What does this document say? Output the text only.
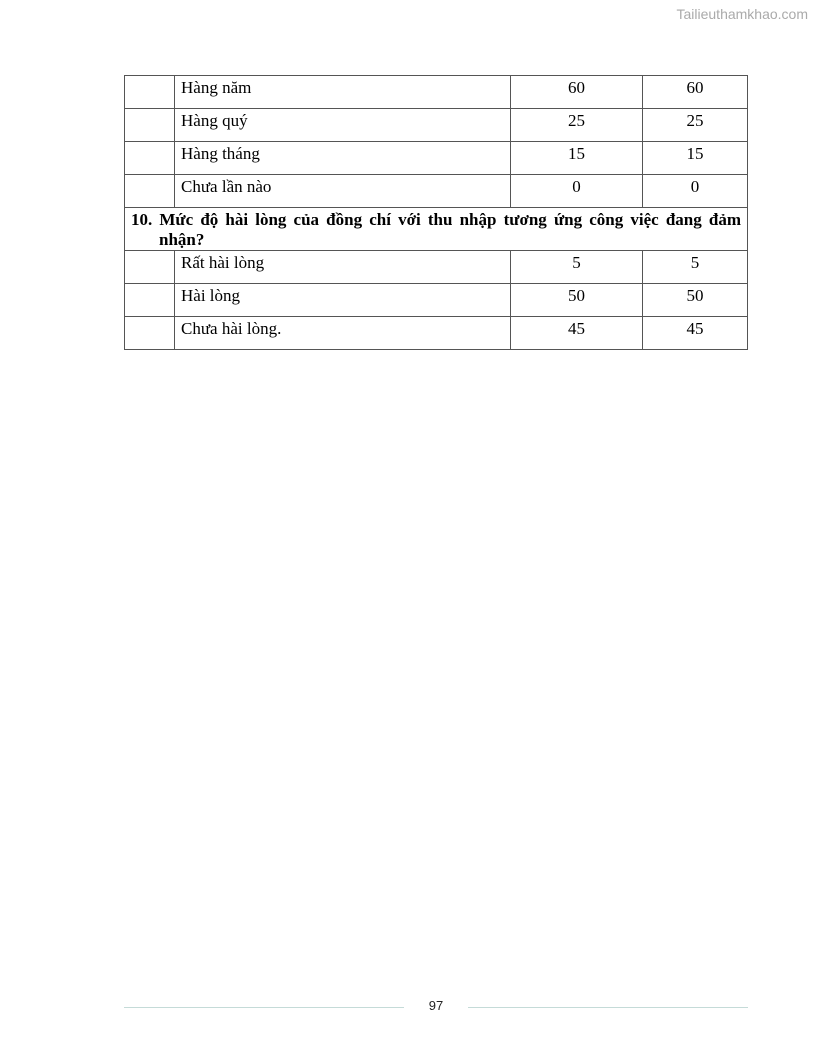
Tailieuthamkhao.com
	Hàng năm	60	60
	Hàng quý	25	25
	Hàng tháng	15	15
	Chưa lần nào	0	0

10. Mức độ hài lòng của đồng chí với thu nhập tương ứng công việc đang đảm nhận?			

	Rất hài lòng	5	5
	Hài lòng	50	50
	Chưa hài lòng.	45	45
97
